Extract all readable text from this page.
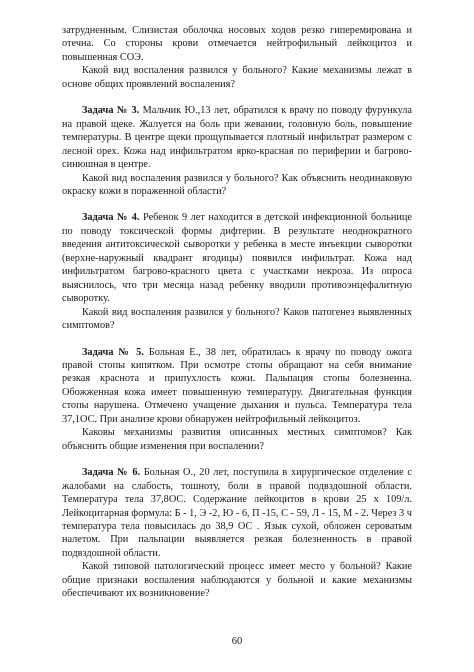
затрудненным. Слизистая оболочка носовых ходов резко гиперемирована и отечна. Со стороны крови отмечается нейтрофильный лейкоцитоз и повышенная СОЭ.

Какой вид воспаления развился у больного? Какие механизмы лежат в основе общих проявлений воспаления?

Задача № 3. Мальчик Ю.,13 лет, обратился к врачу по поводу фурункула на правой щеке. Жалуется на боль при жевании, головную боль, повышение температуры. В центре щеки прощупывается плотный инфильтрат размером с лесной орех. Кожа над инфильтратом ярко-красная по периферии и багрово-синюшная в центре.

Какой вид воспаления развился у больного? Как объяснить неодинаковую окраску кожи в пораженной области?

Задача № 4. Ребенок 9 лет находится в детской инфекционной больнице по поводу токсической формы дифтерии. В результате неоднократного введения антитоксической сыворотки у ребенка в месте инъекции сыворотки (верхне-наружный квадрант ягодицы) появился инфильтрат. Кожа над инфильтратом багрово-красного цвета с участками некроза. Из опроса выяснилось, что три месяца назад ребенку вводили противоэнцефалитную сыворотку.

Какой вид воспаления развился у больного? Каков патогенез выявленных симптомов?

Задача № 5. Больная Е., 38 лет, обратилась к врачу по поводу ожога правой стопы кипятком. При осмотре стопы обращают на себя внимание резкая краснота и припухлость кожи. Пальпация стопы болезненна. Обожженная кожа имеет повышенную температуру. Двигательная функция стопы нарушена. Отмечено учащение дыхания и пульса. Температура тела 37,1ОС. При анализе крови обнаружен нейтрофильный лейкоцитоз.

Каковы механизмы развития описанных местных симптомов? Как объяснить общие изменения при воспалении?

Задача № 6. Больная О., 20 лет, поступила в хирургическое отделение с жалобами на слабость, тошноту, боли в правой подвздошной области. Температура тела 37,8ОС. Содержание лейкоцитов в крови 25 х 109/л. Лейкоцитарная формула: Б - 1, Э -2, Ю - 6, П -15, С - 59, Л - 15, М - 2. Через 3 ч температура тела повысилась до 38,9 ОС . Язык сухой, обложен сероватым налетом. При пальпации выявляется резкая болезненность в правой подвздошной области.

Какой типовой патологический процесс имеет место у больной? Какие общие признаки воспаления наблюдаются у больной и какие механизмы обеспечивают их возникновение?

60
